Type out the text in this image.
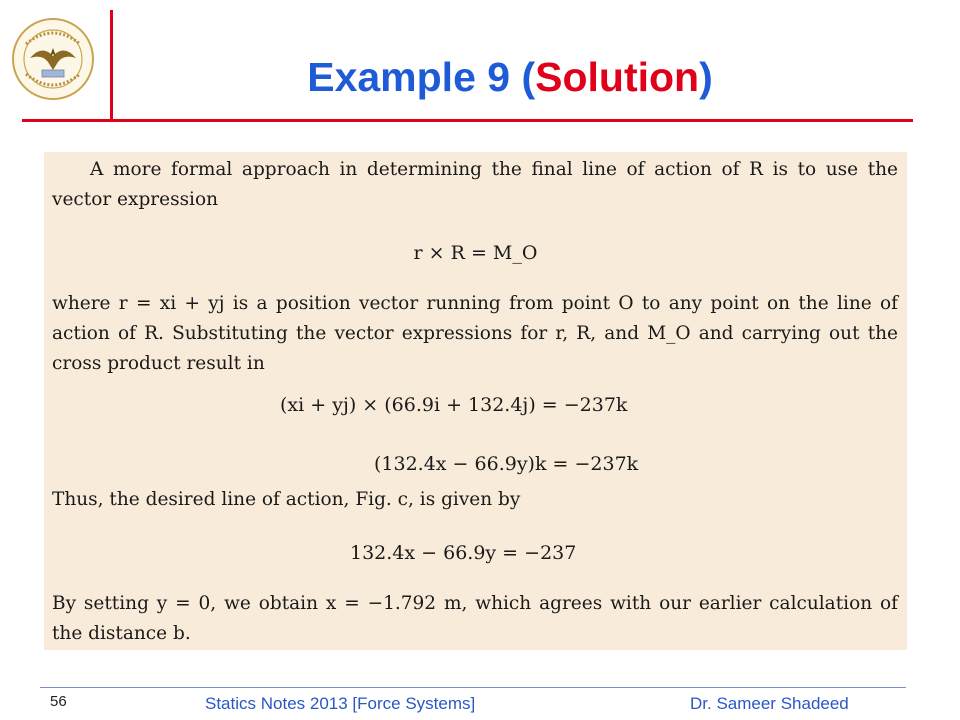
Example 9 (Solution)
A more formal approach in determining the final line of action of R is to use the vector expression
r × R = M_O
where r = xi + yj is a position vector running from point O to any point on the line of action of R. Substituting the vector expressions for r, R, and M_O and carrying out the cross product result in
(xi + yj) × (66.9i + 132.4j) = −237k
(132.4x − 66.9y)k = −237k
Thus, the desired line of action, Fig. c, is given by
132.4x − 66.9y = −237
By setting y = 0, we obtain x = −1.792 m, which agrees with our earlier calculation of the distance b.
56	Statics Notes 2013 [Force Systems]	Dr. Sameer Shadeed
